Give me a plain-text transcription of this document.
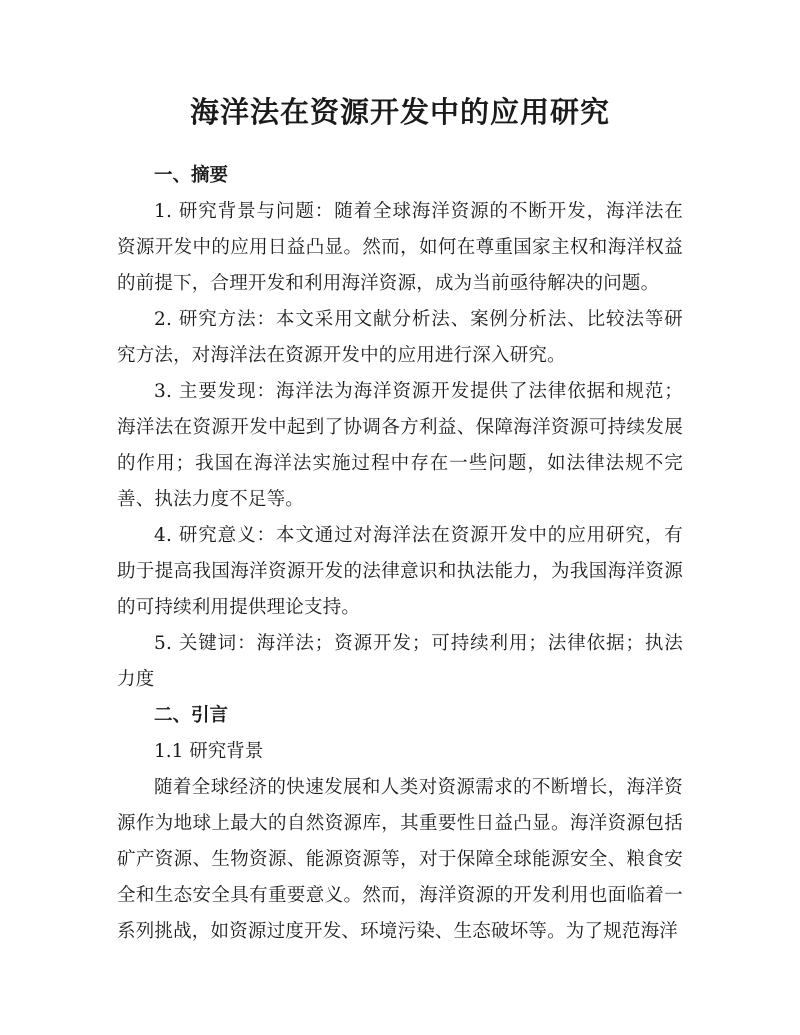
海洋法在资源开发中的应用研究

一、摘要

1. 研究背景与问题：随着全球海洋资源的不断开发，海洋法在资源开发中的应用日益凸显。然而，如何在尊重国家主权和海洋权益的前提下，合理开发和利用海洋资源，成为当前亟待解决的问题。

2. 研究方法：本文采用文献分析法、案例分析法、比较法等研究方法，对海洋法在资源开发中的应用进行深入研究。

3. 主要发现：海洋法为海洋资源开发提供了法律依据和规范；海洋法在资源开发中起到了协调各方利益、保障海洋资源可持续发展的作用；我国在海洋法实施过程中存在一些问题，如法律法规不完善、执法力度不足等。

4. 研究意义：本文通过对海洋法在资源开发中的应用研究，有助于提高我国海洋资源开发的法律意识和执法能力，为我国海洋资源的可持续利用提供理论支持。

5. 关键词：海洋法；资源开发；可持续利用；法律依据；执法力度

二、引言

1.1 研究背景

随着全球经济的快速发展和人类对资源需求的不断增长，海洋资源作为地球上最大的自然资源库，其重要性日益凸显。海洋资源包括矿产资源、生物资源、能源资源等，对于保障全球能源安全、粮食安全和生态安全具有重要意义。然而，海洋资源的开发利用也面临着一系列挑战，如资源过度开发、环境污染、生态破坏等。为了规范海洋
